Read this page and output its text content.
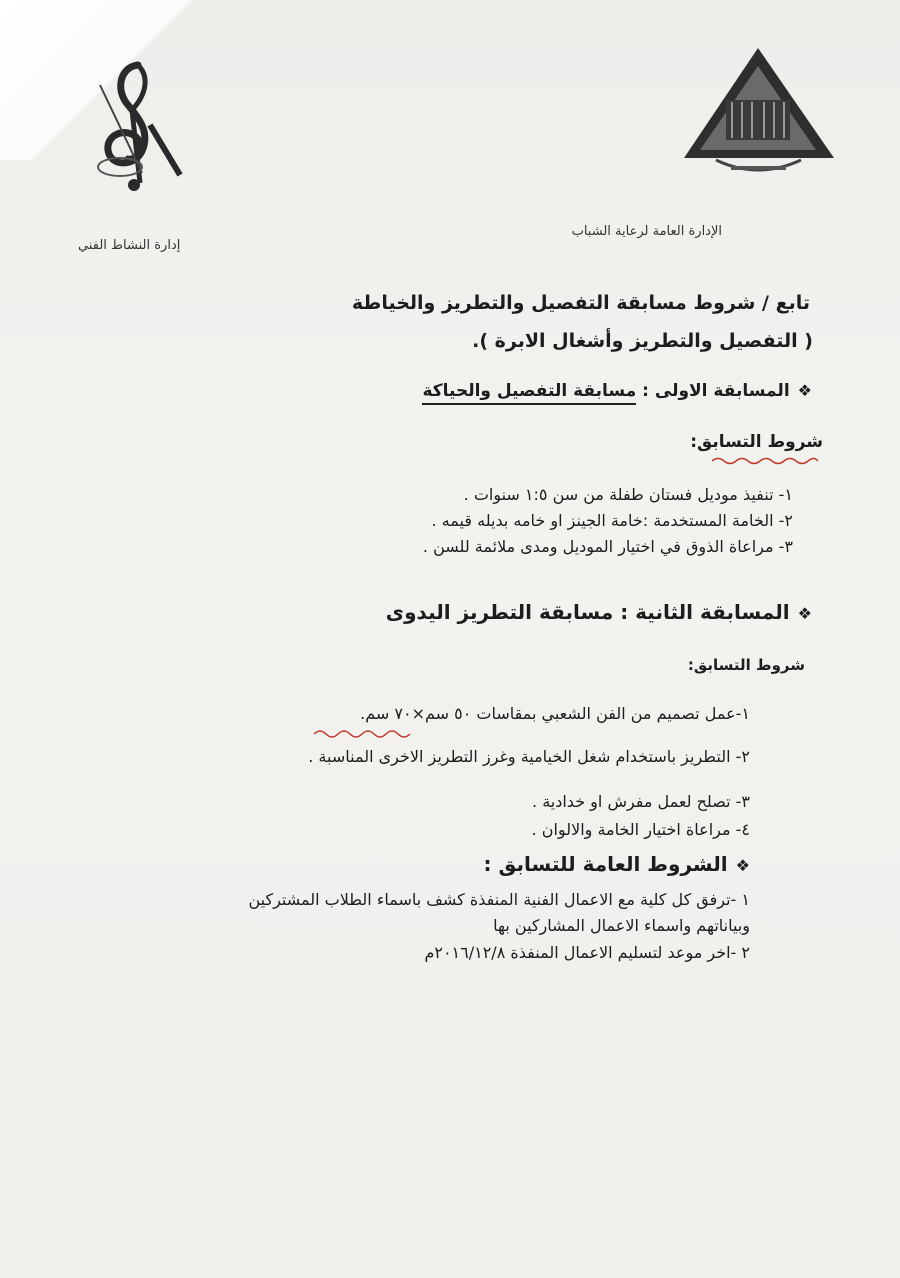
الإدارة العامة لرعاية الشباب
إدارة النشاط الفني
تابع / شروط مسابقة التفصيل والتطريز والخياطة
( التفصيل والتطريز وأشغال الابرة ).
❖المسابقة الاولى : مسابقة التفصيل والحياكة
شروط التسابق:
١- تنفيذ موديل فستان طفلة من سن ١:٥ سنوات .
٢- الخامة المستخدمة :خامة الجينز او خامه بديله قيمه .
٣- مراعاة الذوق في اختيار الموديل ومدى ملائمة للسن .
❖المسابقة الثانية : مسابقة التطريز اليدوى
شروط التسابق:
١-عمل تصميم من الفن الشعبي بمقاسات ٥٠ سم×٧٠ سم.
٢- التطريز باستخدام شغل الخيامية وغرز التطريز الاخرى المناسبة .
٣- تصلح لعمل مفرش او خدادية .
٤- مراعاة اختيار الخامة والالوان .
❖الشروط العامة للتسابق :
١ -ترفق كل كلية مع الاعمال الفنية المنفذة كشف باسماء الطلاب المشتركين
وبياناتهم واسماء الاعمال المشاركين بها
٢ -اخر موعد لتسليم الاعمال المنفذة ٢٠١٦/١٢/٨م
